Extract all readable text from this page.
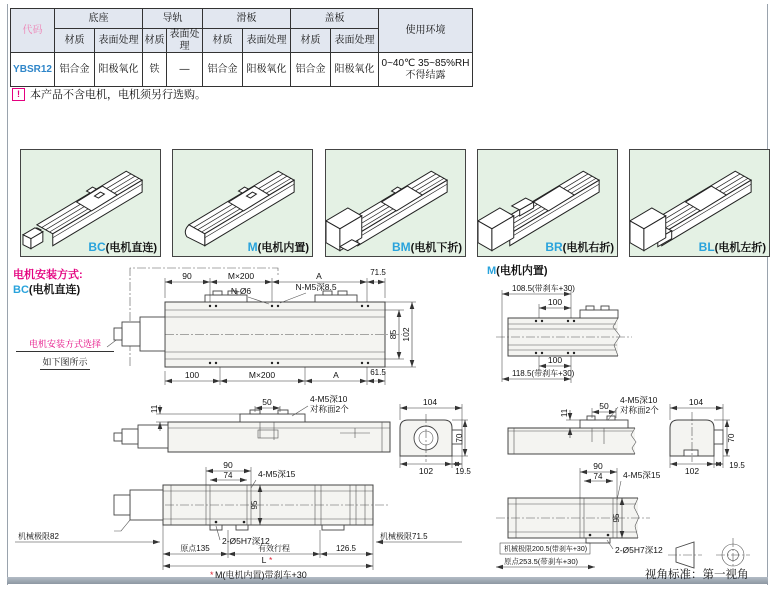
代码	底座		导轨		滑板		盖板		使用环境
	材质	表面处理	材质	表面处理	材质	表面处理	材质	表面处理	
YBSR12	铝合金	阳极氧化	铁	—	铝合金	阳极氧化	铝合金	阳极氧化	0~40℃ 35~85%RH
不得结露
! 本产品不含电机，电机须另行选购。
BC(电机直连)	M(电机内置)	BM(电机下折)	BR(电机右折)	BL(电机左折)
电机安装方式:
BC(电机直连)
电机安装方式选择
如下图所示
M(电机内置)
视角标准：第一视角
90	M×200	A	71.5
N-Ø6	N-M5深8.5
100	M×200	A	61.5
85 102
11
50	4-M5深10
对称面2个
104
70
102	19.5
90
74	4-M5深15
95
2-Ø5H7深12
机械极限82	机械极限71.5
原点135	有效行程	126.5
L *
* M(电机内置)带刹车+30
108.5(带刹车+30)
100
100
118.5(带刹车+30)
11
50
4-M5深10
对称面2个
104
70
102
19.5
90
74 4-M5深15
95
2-Ø5H7深12
机械极限200.5(带刹车+30)
原点253.5(带刹车+30)
